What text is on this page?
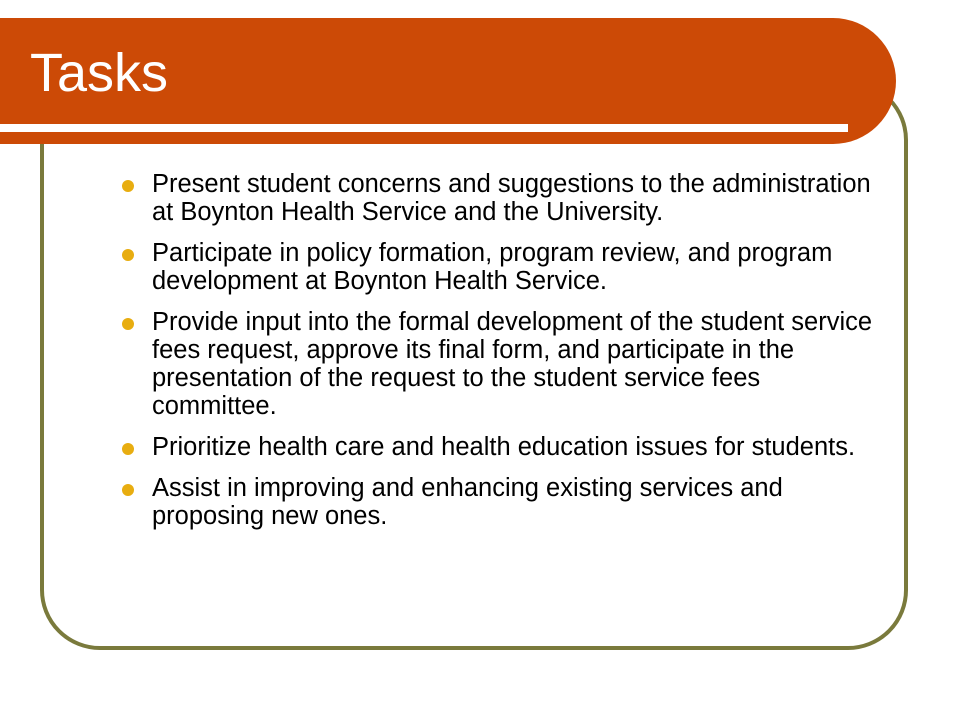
Tasks
Present student concerns and suggestions to the administration at Boynton Health Service and the University.
Participate in policy formation, program review, and program development at Boynton Health Service.
Provide input into the formal development of the student service fees request, approve its final form, and participate in the presentation of the request to the student service fees committee.
Prioritize health care and health education issues for students.
Assist in improving and enhancing existing services and proposing new ones.
